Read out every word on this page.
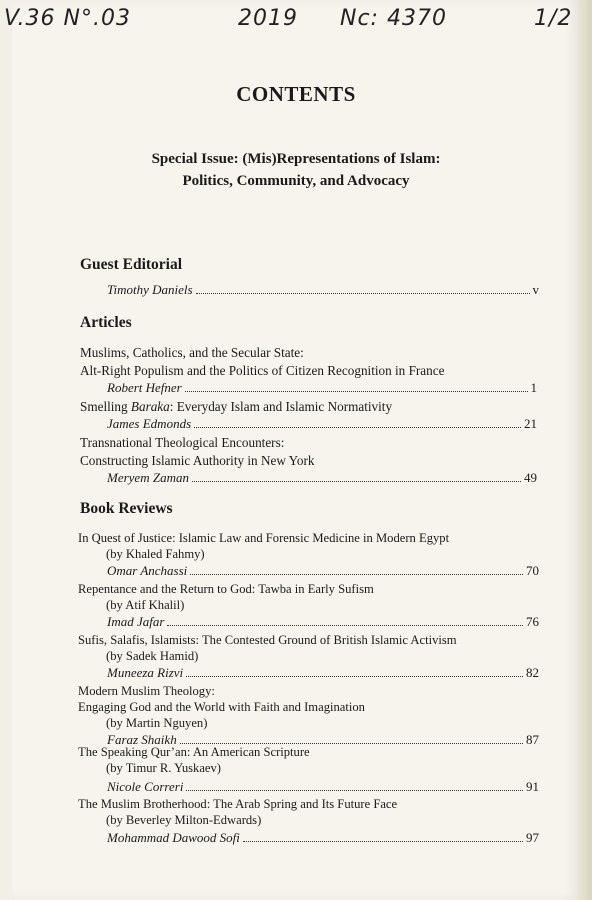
V.36 N°.03	2019 Nc: 4370	1/2
CONTENTS
Special Issue: (Mis)Representations of Islam:
Politics, Community, and Advocacy
Guest Editorial
Timothy Daniels	v
Articles
Muslims, Catholics, and the Secular State:
Alt-Right Populism and the Politics of Citizen Recognition in France
Robert Hefner	1
Smelling Baraka: Everyday Islam and Islamic Normativity
James Edmonds	21
Transnational Theological Encounters:
Constructing Islamic Authority in New York
Meryem Zaman	49
Book Reviews
In Quest of Justice: Islamic Law and Forensic Medicine in Modern Egypt
(by Khaled Fahmy)
Omar Anchassi	70
Repentance and the Return to God: Tawba in Early Sufism
(by Atif Khalil)
Imad Jafar	76
Sufis, Salafis, Islamists: The Contested Ground of British Islamic Activism
(by Sadek Hamid)
Muneeza Rizvi	82
Modern Muslim Theology:
Engaging God and the World with Faith and Imagination
(by Martin Nguyen)
Faraz Shaikh	87
The Speaking Qur’an: An American Scripture
(by Timur R. Yuskaev)
Nicole Correri	91
The Muslim Brotherhood: The Arab Spring and Its Future Face
(by Beverley Milton-Edwards)
Mohammad Dawood Sofi	97
